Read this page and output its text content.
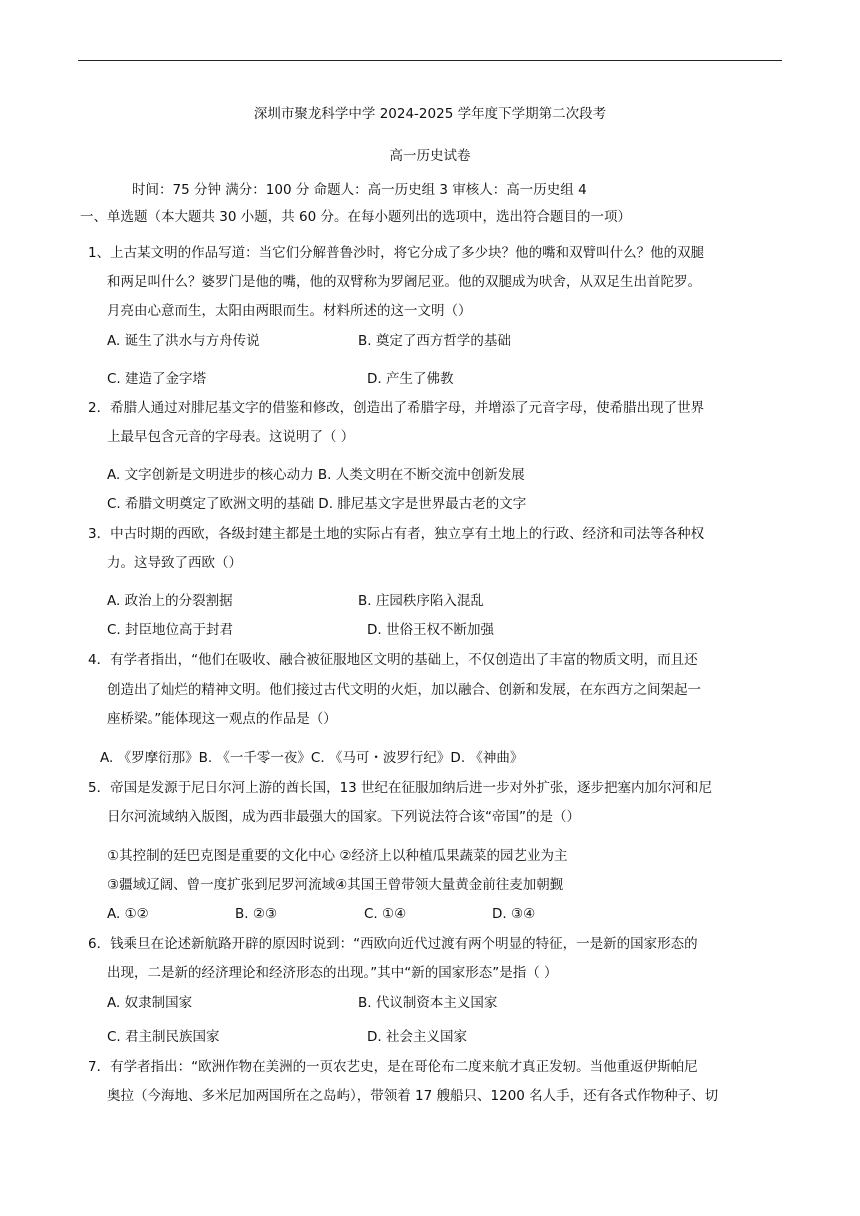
深圳市聚龙科学中学 2024-2025 学年度下学期第二次段考
高一历史试卷
时间：75 分钟 满分：100 分 命题人：高一历史组 3 审核人：高一历史组 4
一、单选题（本大题共 30 小题，共 60 分。在每小题列出的选项中，选出符合题目的一项）
1、上古某文明的作品写道：当它们分解普鲁沙时，将它分成了多少块？他的嘴和双臂叫什么？他的双腿
和两足叫什么？婆罗门是他的嘴，他的双臂称为罗阇尼亚。他的双腿成为吠舍，从双足生出首陀罗。
月亮由心意而生，太阳由两眼而生。材料所述的这一文明（）
A. 诞生了洪水与方舟传说	B. 奠定了西方哲学的基础
C. 建造了金字塔	D. 产生了佛教
2．希腊人通过对腓尼基文字的借鉴和修改，创造出了希腊字母，并增添了元音字母，使希腊出现了世界
上最早包含元音的字母表。这说明了（ ）
A. 文字创新是文明进步的核心动力 B. 人类文明在不断交流中创新发展
C. 希腊文明奠定了欧洲文明的基础 D. 腓尼基文字是世界最古老的文字
3．中古时期的西欧，各级封建主都是土地的实际占有者，独立享有土地上的行政、经济和司法等各种权
力。这导致了西欧（）
A. 政治上的分裂割据	B. 庄园秩序陷入混乱
C. 封臣地位高于封君	D. 世俗王权不断加强
4．有学者指出，“他们在吸收、融合被征服地区文明的基础上，不仅创造出了丰富的物质文明，而且还
创造出了灿烂的精神文明。他们接过古代文明的火炬，加以融合、创新和发展，在东西方之间架起一
座桥梁。”能体现这一观点的作品是（）
A. 《罗摩衍那》B. 《一千零一夜》C. 《马可・波罗行纪》D. 《神曲》
5．帝国是发源于尼日尔河上游的酋长国，13 世纪在征服加纳后进一步对外扩张，逐步把塞内加尔河和尼
日尔河流域纳入版图，成为西非最强大的国家。下列说法符合该“帝国”的是（）
①其控制的廷巴克图是重要的文化中心 ②经济上以种植瓜果蔬菜的园艺业为主
③疆域辽阔、曾一度扩张到尼罗河流域④其国王曾带领大量黄金前往麦加朝觐
A. ①②	B. ②③	C. ①④	D. ③④
6．钱乘旦在论述新航路开辟的原因时说到：“西欧向近代过渡有两个明显的特征，一是新的国家形态的
出现，二是新的经济理论和经济形态的出现。”其中“新的国家形态”是指（ ）
A. 奴隶制国家	B. 代议制资本主义国家
C. 君主制民族国家	D. 社会主义国家
7．有学者指出：“欧洲作物在美洲的一页农艺史，是在哥伦布二度来航才真正发轫。当他重返伊斯帕尼
奥拉（今海地、多米尼加两国所在之岛屿），带领着 17 艘船只、1200 名人手，还有各式作物种子、切
